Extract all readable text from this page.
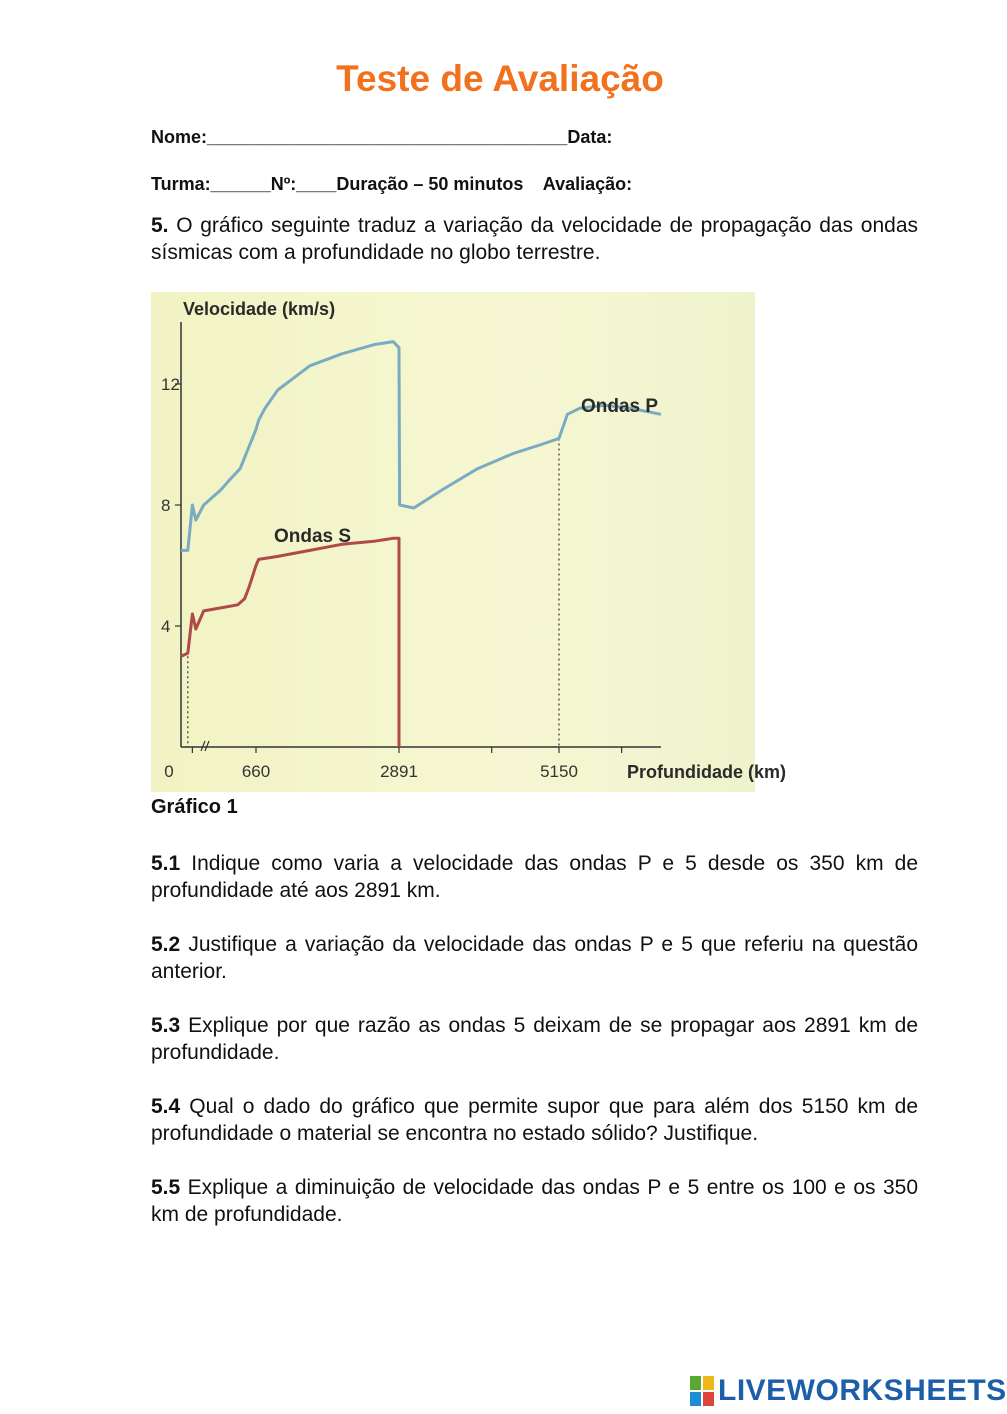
Teste de Avaliação
Nome:____________________________________Data:
Turma:______Nº:____Duração – 50 minutos    Avaliação:
5. O gráfico seguinte traduz a variação da velocidade de propagação das ondas sísmicas com a profundidade no globo terrestre.
Velocidade (km/s)
Profundidade (km)
4
8
12
0	660	2891	5150
Ondas P
Ondas S
Gráfico 1
5.1 Indique como varia a velocidade das ondas P e 5 desde os 350 km de profundidade até aos 2891 km.
5.2 Justifique a variação da velocidade das ondas P e 5 que referiu na questão anterior.
5.3 Explique por que razão as ondas 5 deixam de se propagar aos 2891 km de profundidade.
5.4 Qual o dado do gráfico que permite supor que para além dos 5150 km de profundidade o material se encontra no estado sólido? Justifique.
5.5 Explique a diminuição de velocidade das ondas P e 5 entre os 100 e os 350 km de profundidade.
LIVEWORKSHEETS
